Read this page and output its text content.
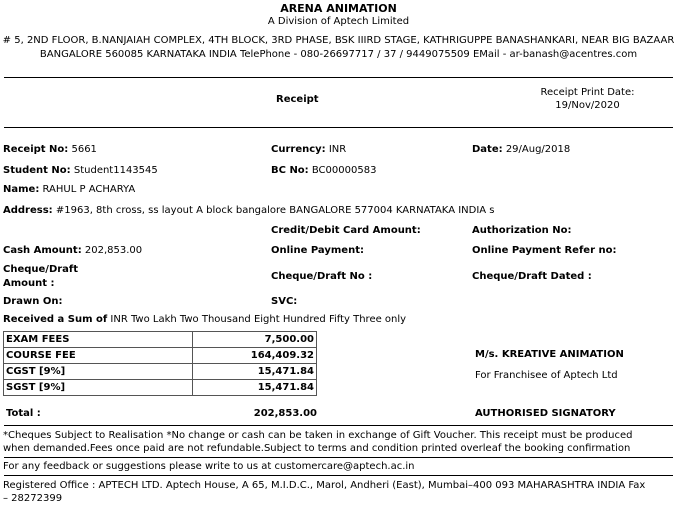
ARENA ANIMATION
A Division of Aptech Limited
# 5, 2ND FLOOR, B.NANJAIAH COMPLEX, 4TH BLOCK, 3RD PHASE, BSK IIIRD STAGE, KATHRIGUPPE BANASHANKARI, NEAR BIG BAZAAR
BANGALORE 560085 KARNATAKA INDIA TelePhone - 080-26697717 / 37 / 9449075509 EMail - ar-banash@acentres.com
Receipt
Receipt Print Date:
19/Nov/2020
Receipt No: 5661	Currency: INR	Date: 29/Aug/2018
Student No: Student1143545	BC No: BC00000583
Name: RAHUL P ACHARYA
Address: #1963, 8th cross, ss layout A block bangalore BANGALORE 577004 KARNATAKA INDIA s
Credit/Debit Card Amount:	Authorization No:
Cash Amount: 202,853.00	Online Payment:	Online Payment Refer no:
Cheque/Draft
Amount :
Cheque/Draft No :	Cheque/Draft Dated :
Drawn On:	SVC:
Received a Sum of INR Two Lakh Two Thousand Eight Hundred Fifty Three only
EXAM FEES	7,500.00
COURSE FEE	164,409.32
CGST [9%]	15,471.84
SGST [9%]	15,471.84
M/s. KREATIVE ANIMATION
For Franchisee of Aptech Ltd
Total :	202,853.00	AUTHORISED SIGNATORY
*Cheques Subject to Realisation *No change or cash can be taken in exchange of Gift Voucher. This receipt must be produced when demanded.Fees once paid are not refundable.Subject to terms and condition printed overleaf the booking confirmation
For any feedback or suggestions please write to us at customercare@aptech.ac.in
Registered Office : APTECH LTD. Aptech House, A 65, M.I.D.C., Marol, Andheri (East), Mumbai–400 093 MAHARASHTRA INDIA Fax – 28272399
